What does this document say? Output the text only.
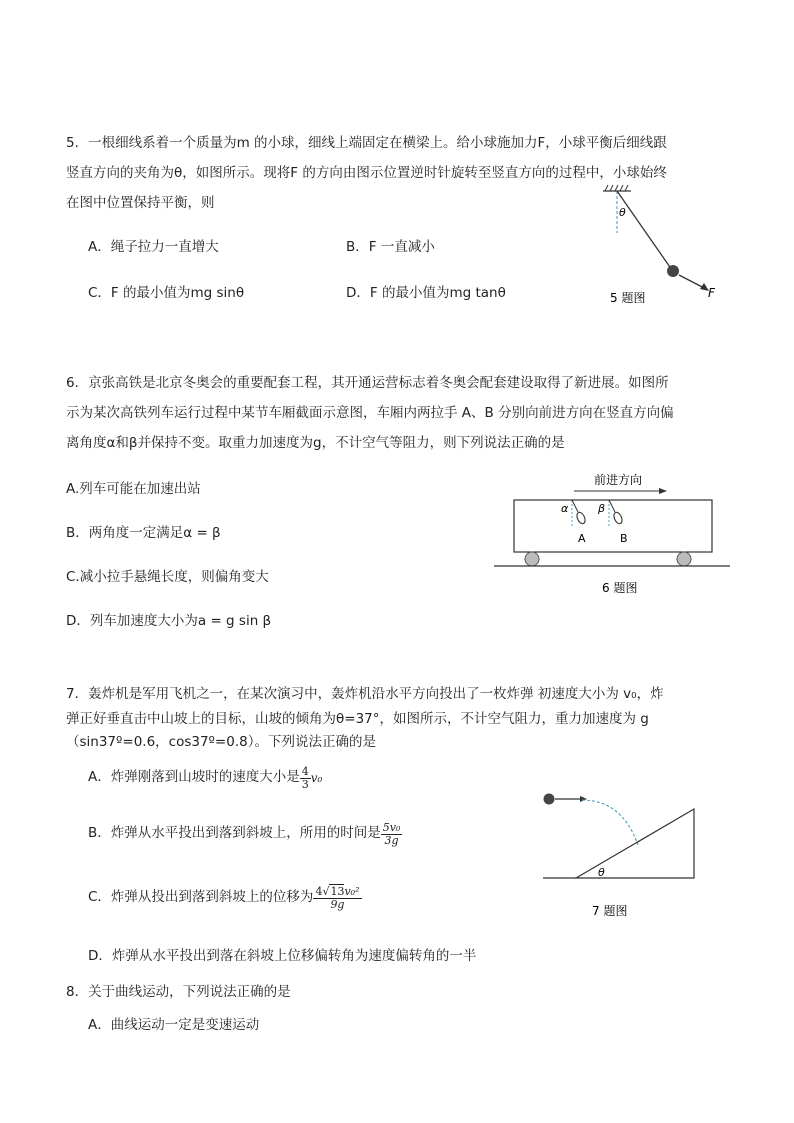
5．一根细线系着一个质量为m 的小球，细线上端固定在横梁上。给小球施加力F，小球平衡后细线跟
竖直方向的夹角为θ，如图所示。现将F 的方向由图示位置逆时针旋转至竖直方向的过程中，小球始终
在图中位置保持平衡，则
A．绳子拉力一直增大	B．F 一直减小
C．F 的最小值为mg sinθ	D．F 的最小值为mg tanθ
θ
F
5 题图
6．京张高铁是北京冬奥会的重要配套工程，其开通运营标志着冬奥会配套建设取得了新进展。如图所
示为某次高铁列车运行过程中某节车厢截面示意图，车厢内两拉手 A、B 分别向前进方向在竖直方向偏
离角度α和β并保持不变。取重力加速度为g，不计空气等阻力，则下列说法正确的是
A.列车可能在加速出站
B．两角度一定满足α = β
C.减小拉手悬绳长度，则偏角变大
D．列车加速度大小为a = g sin β
前进方向
α	β
A	B
6 题图
7．轰炸机是军用飞机之一，在某次演习中，轰炸机沿水平方向投出了一枚炸弹 初速度大小为 v₀，炸
弹正好垂直击中山坡上的目标，山坡的倾角为θ=37°，如图所示，不计空气阻力，重力加速度为 g
（sin37º=0.6，cos37º=0.8）。下列说法正确的是
A．炸弹刚落到山坡时的速度大小是 $\frac{4}{3} v_0$
B．炸弹从水平投出到落到斜坡上，所用的时间是 $\frac{\text{5v₀}}{3g}$
C．炸弹从投出到落到斜坡上的位移为 $\frac{\text{4√13v₀²}}{9g}$
D．炸弹从水平投出到落在斜坡上位移偏转角为速度偏转角的一半
θ
7 题图
8．关于曲线运动，下列说法正确的是
A．曲线运动一定是变速运动
